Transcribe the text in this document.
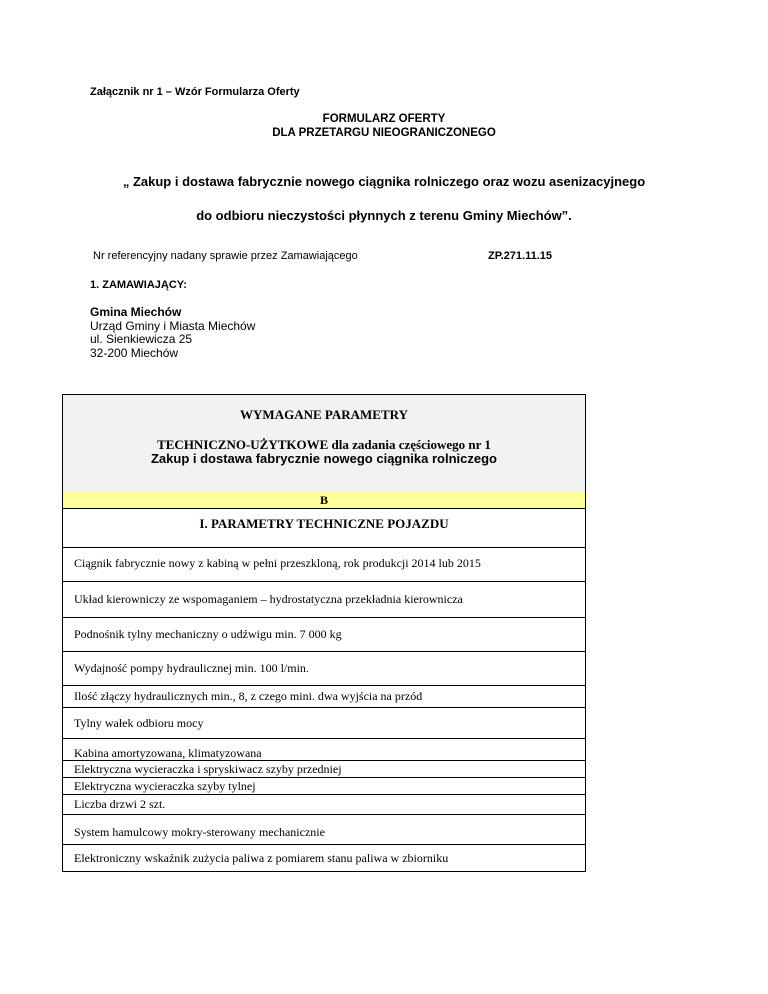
Załącznik nr 1 – Wzór Formularza Oferty
FORMULARZ OFERTY
DLA PRZETARGU NIEOGRANICZONEGO
„ Zakup i dostawa fabrycznie nowego ciągnika rolniczego oraz wozu asenizacyjnego
do odbioru nieczystości płynnych z terenu Gminy Miechów”.
Nr referencyjny nadany sprawie przez Zamawiającego	ZP.271.11.15
1. ZAMAWIAJĄCY:
Gmina Miechów
Urząd Gminy i Miasta Miechów
ul. Sienkiewicza 25
32-200 Miechów
WYMAGANE PARAMETRY
TECHNICZNO-UŻYTKOWE dla zadania częściowego nr 1
Zakup i dostawa fabrycznie nowego ciągnika rolniczego
B
I. PARAMETRY TECHNICZNE POJAZDU
Ciągnik fabrycznie nowy z kabiną w pełni przeszkloną, rok produkcji 2014 lub 2015
Układ kierowniczy ze wspomaganiem – hydrostatyczna przekładnia kierownicza
Podnośnik tylny mechaniczny o udźwigu min. 7 000 kg
Wydajność pompy hydraulicznej min. 100 l/min.
Ilość złączy hydraulicznych min., 8, z czego mini. dwa wyjścia na przód
Tylny wałek odbioru mocy
Kabina amortyzowana, klimatyzowana
Elektryczna wycieraczka i spryskiwacz szyby przedniej
Elektryczna wycieraczka szyby tylnej
Liczba drzwi 2 szt.
System hamulcowy mokry-sterowany mechanicznie
Elektroniczny wskaźnik zużycia paliwa z pomiarem stanu paliwa w zbiorniku
